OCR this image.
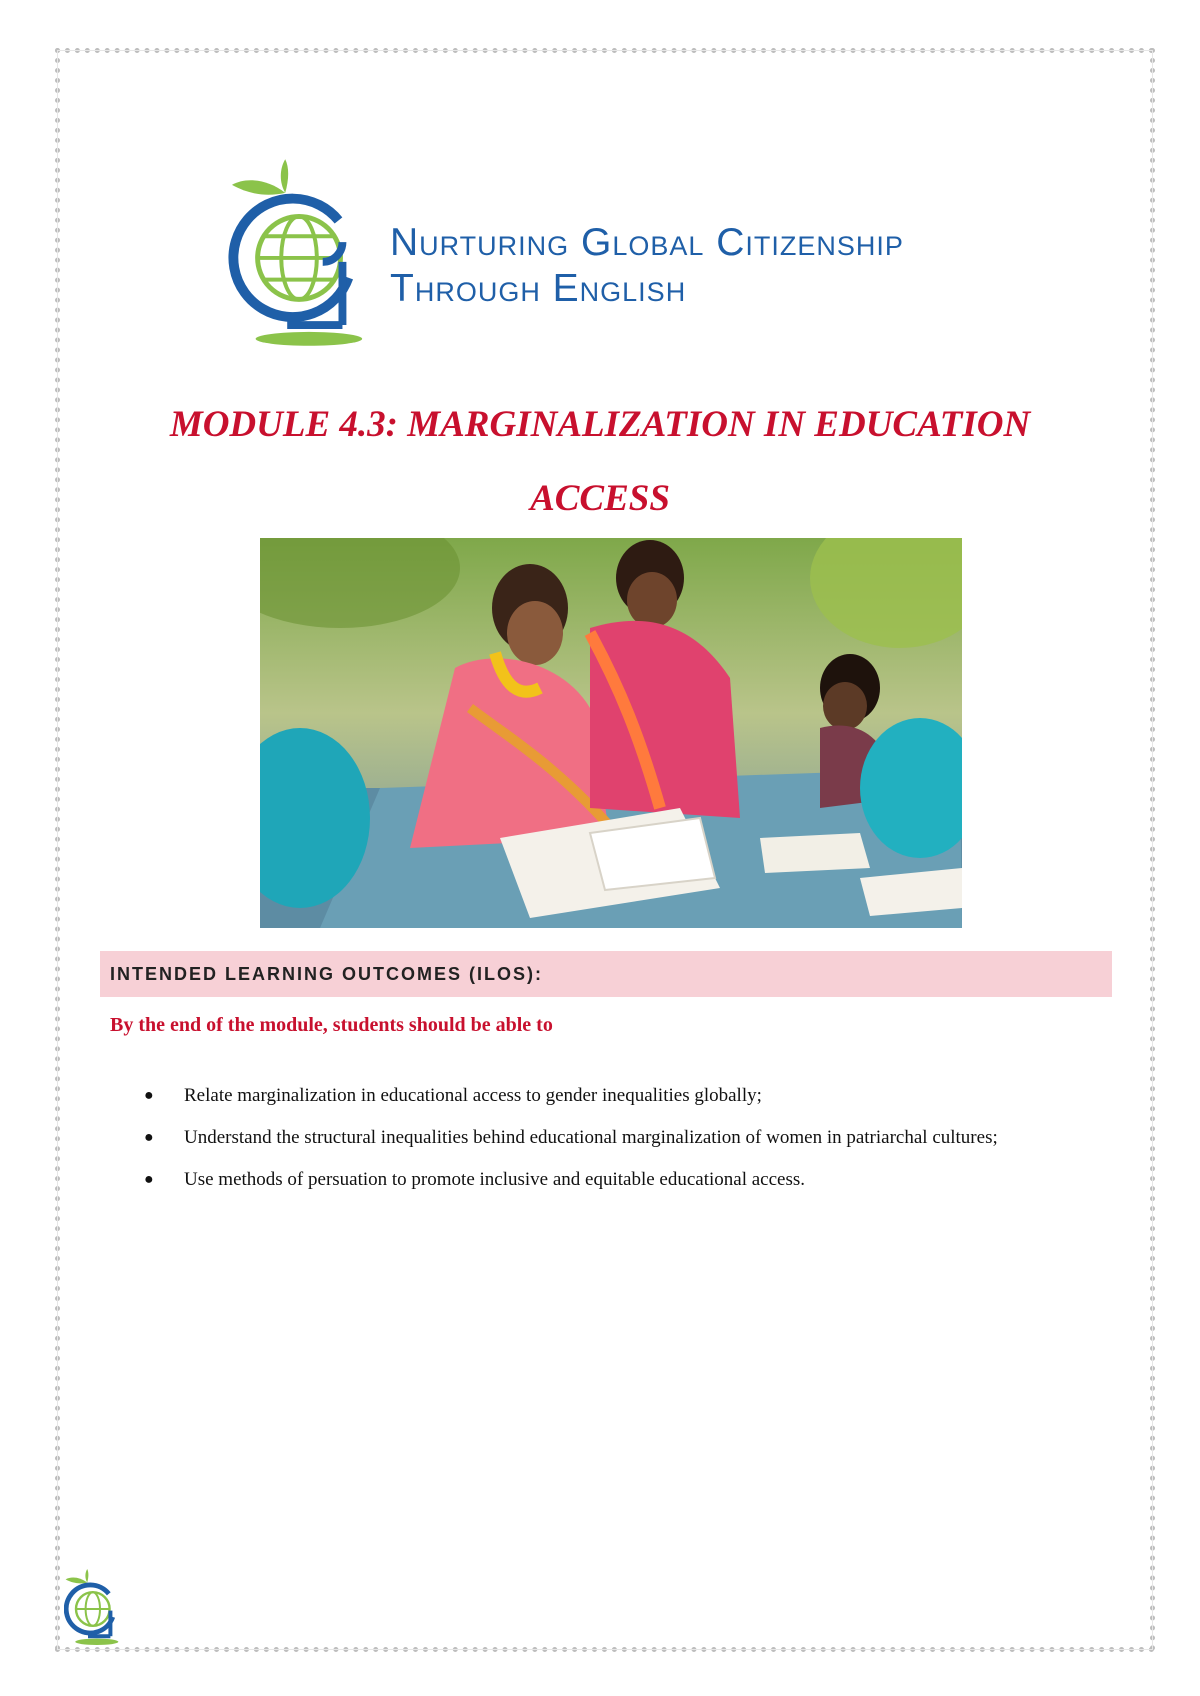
Nurturing Global Citizenship
Through English
MODULE 4.3: MARGINALIZATION IN EDUCATION
ACCESS
INTENDED LEARNING OUTCOMES (ILOS):
By the end of the module, students should be able to
● Relate marginalization in educational access to gender inequalities globally;
● Understand the structural inequalities behind educational marginalization of women in patriarchal cultures;
● Use methods of persuation to promote inclusive and equitable educational access.
